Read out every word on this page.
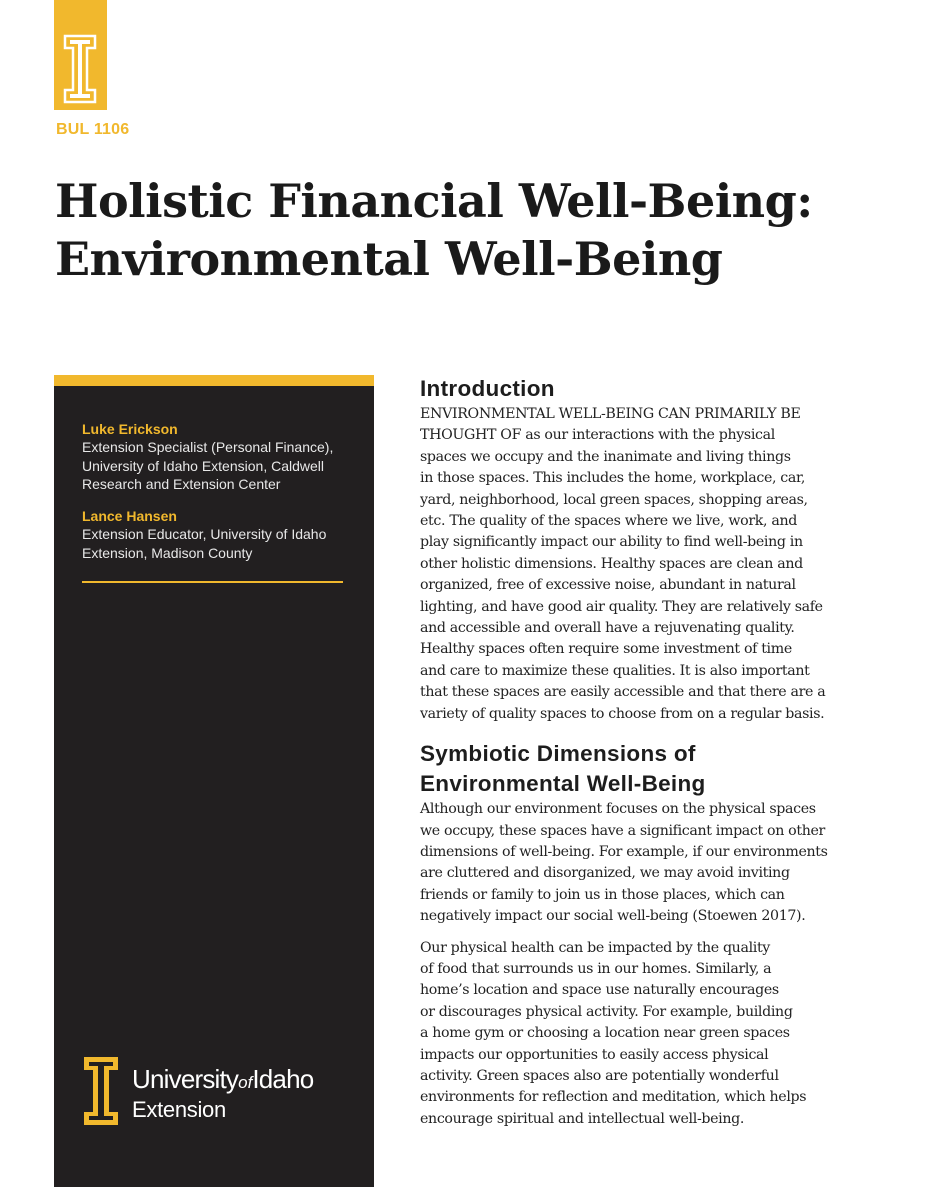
BUL 1106

Holistic Financial Well-Being:
Environmental Well-Being
Luke Erickson
Extension Specialist (Personal Finance),
University of Idaho Extension, Caldwell
Research and Extension Center
Lance Hansen
Extension Educator, University of Idaho
Extension, Madison County
UniversityofIdaho
Extension
Introduction

ENVIRONMENTAL WELL-BEING CAN PRIMARILY BE
THOUGHT OF as our interactions with the physical
spaces we occupy and the inanimate and living things
in those spaces. This includes the home, workplace, car,
yard, neighborhood, local green spaces, shopping areas,
etc. The quality of the spaces where we live, work, and
play significantly impact our ability to find well-being in
other holistic dimensions. Healthy spaces are clean and
organized, free of excessive noise, abundant in natural
lighting, and have good air quality. They are relatively safe
and accessible and overall have a rejuvenating quality.
Healthy spaces often require some investment of time
and care to maximize these qualities. It is also important
that these spaces are easily accessible and that there are a
variety of quality spaces to choose from on a regular basis.

Symbiotic Dimensions of
Environmental Well-Being

Although our environment focuses on the physical spaces
we occupy, these spaces have a significant impact on other
dimensions of well-being. For example, if our environments
are cluttered and disorganized, we may avoid inviting
friends or family to join us in those places, which can
negatively impact our social well-being (Stoewen 2017).

Our physical health can be impacted by the quality
of food that surrounds us in our homes. Similarly, a
home’s location and space use naturally encourages
or discourages physical activity. For example, building
a home gym or choosing a location near green spaces
impacts our opportunities to easily access physical
activity. Green spaces also are potentially wonderful
environments for reflection and meditation, which helps
encourage spiritual and intellectual well-being.
